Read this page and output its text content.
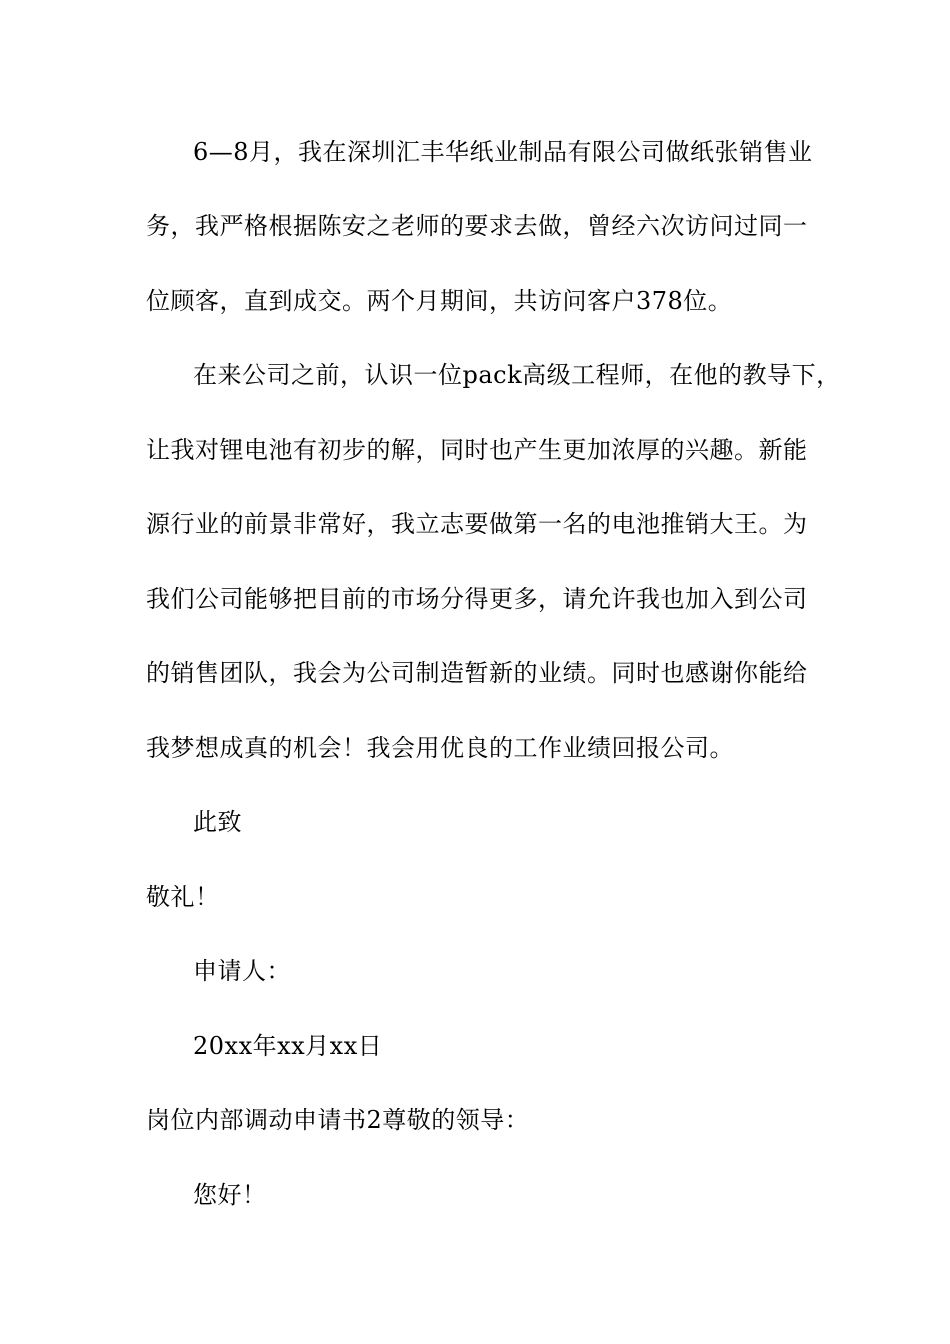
6—8月，我在深圳汇丰华纸业制品有限公司做纸张销售业
务，我严格根据陈安之老师的要求去做，曾经六次访问过同一
位顾客，直到成交。两个月期间，共访问客户378位。
在来公司之前，认识一位pack高级工程师，在他的教导下，
让我对锂电池有初步的解，同时也产生更加浓厚的兴趣。新能
源行业的前景非常好，我立志要做第一名的电池推销大王。为
我们公司能够把目前的市场分得更多，请允许我也加入到公司
的销售团队，我会为公司制造暂新的业绩。同时也感谢你能给
我梦想成真的机会！我会用优良的工作业绩回报公司。
此致
敬礼！
申请人：
20xx年xx月xx日
岗位内部调动申请书2尊敬的领导：
您好！
